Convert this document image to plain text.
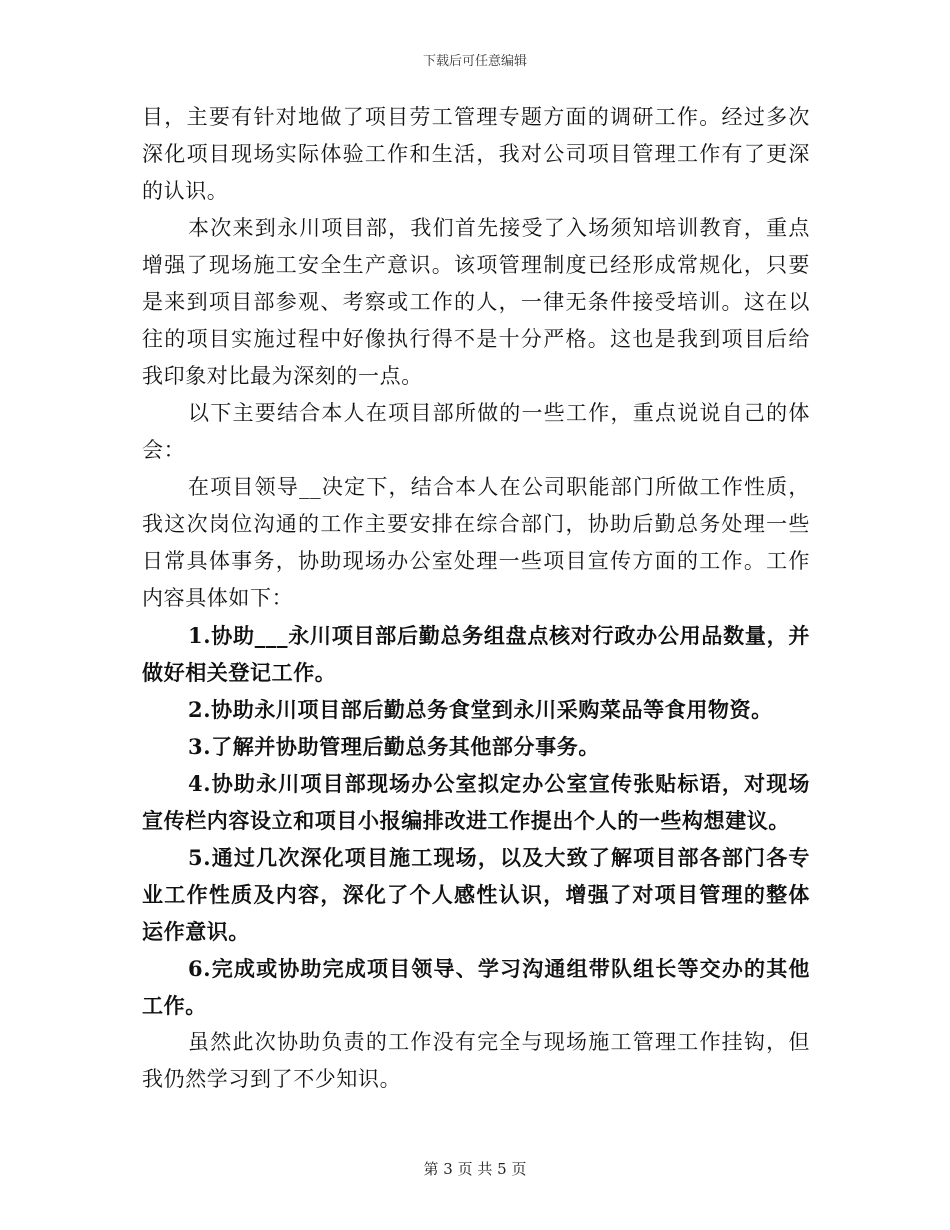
下载后可任意编辑

目，主要有针对地做了项目劳工管理专题方面的调研工作。经过多次深化项目现场实际体验工作和生活，我对公司项目管理工作有了更深的认识。

本次来到永川项目部，我们首先接受了入场须知培训教育，重点增强了现场施工安全生产意识。该项管理制度已经形成常规化，只要是来到项目部参观、考察或工作的人，一律无条件接受培训。这在以往的项目实施过程中好像执行得不是十分严格。这也是我到项目后给我印象对比最为深刻的一点。

以下主要结合本人在项目部所做的一些工作，重点说说自己的体会：

在项目领导__决定下，结合本人在公司职能部门所做工作性质，我这次岗位沟通的工作主要安排在综合部门，协助后勤总务处理一些日常具体事务，协助现场办公室处理一些项目宣传方面的工作。工作内容具体如下：

1.协助___永川项目部后勤总务组盘点核对行政办公用品数量，并做好相关登记工作。

2.协助永川项目部后勤总务食堂到永川采购菜品等食用物资。

3.了解并协助管理后勤总务其他部分事务。

4.协助永川项目部现场办公室拟定办公室宣传张贴标语，对现场宣传栏内容设立和项目小报编排改进工作提出个人的一些构想建议。

5.通过几次深化项目施工现场，以及大致了解项目部各部门各专业工作性质及内容，深化了个人感性认识，增强了对项目管理的整体运作意识。

6.完成或协助完成项目领导、学习沟通组带队组长等交办的其他工作。

虽然此次协助负责的工作没有完全与现场施工管理工作挂钩，但我仍然学习到了不少知识。

第 3 页 共 5 页
